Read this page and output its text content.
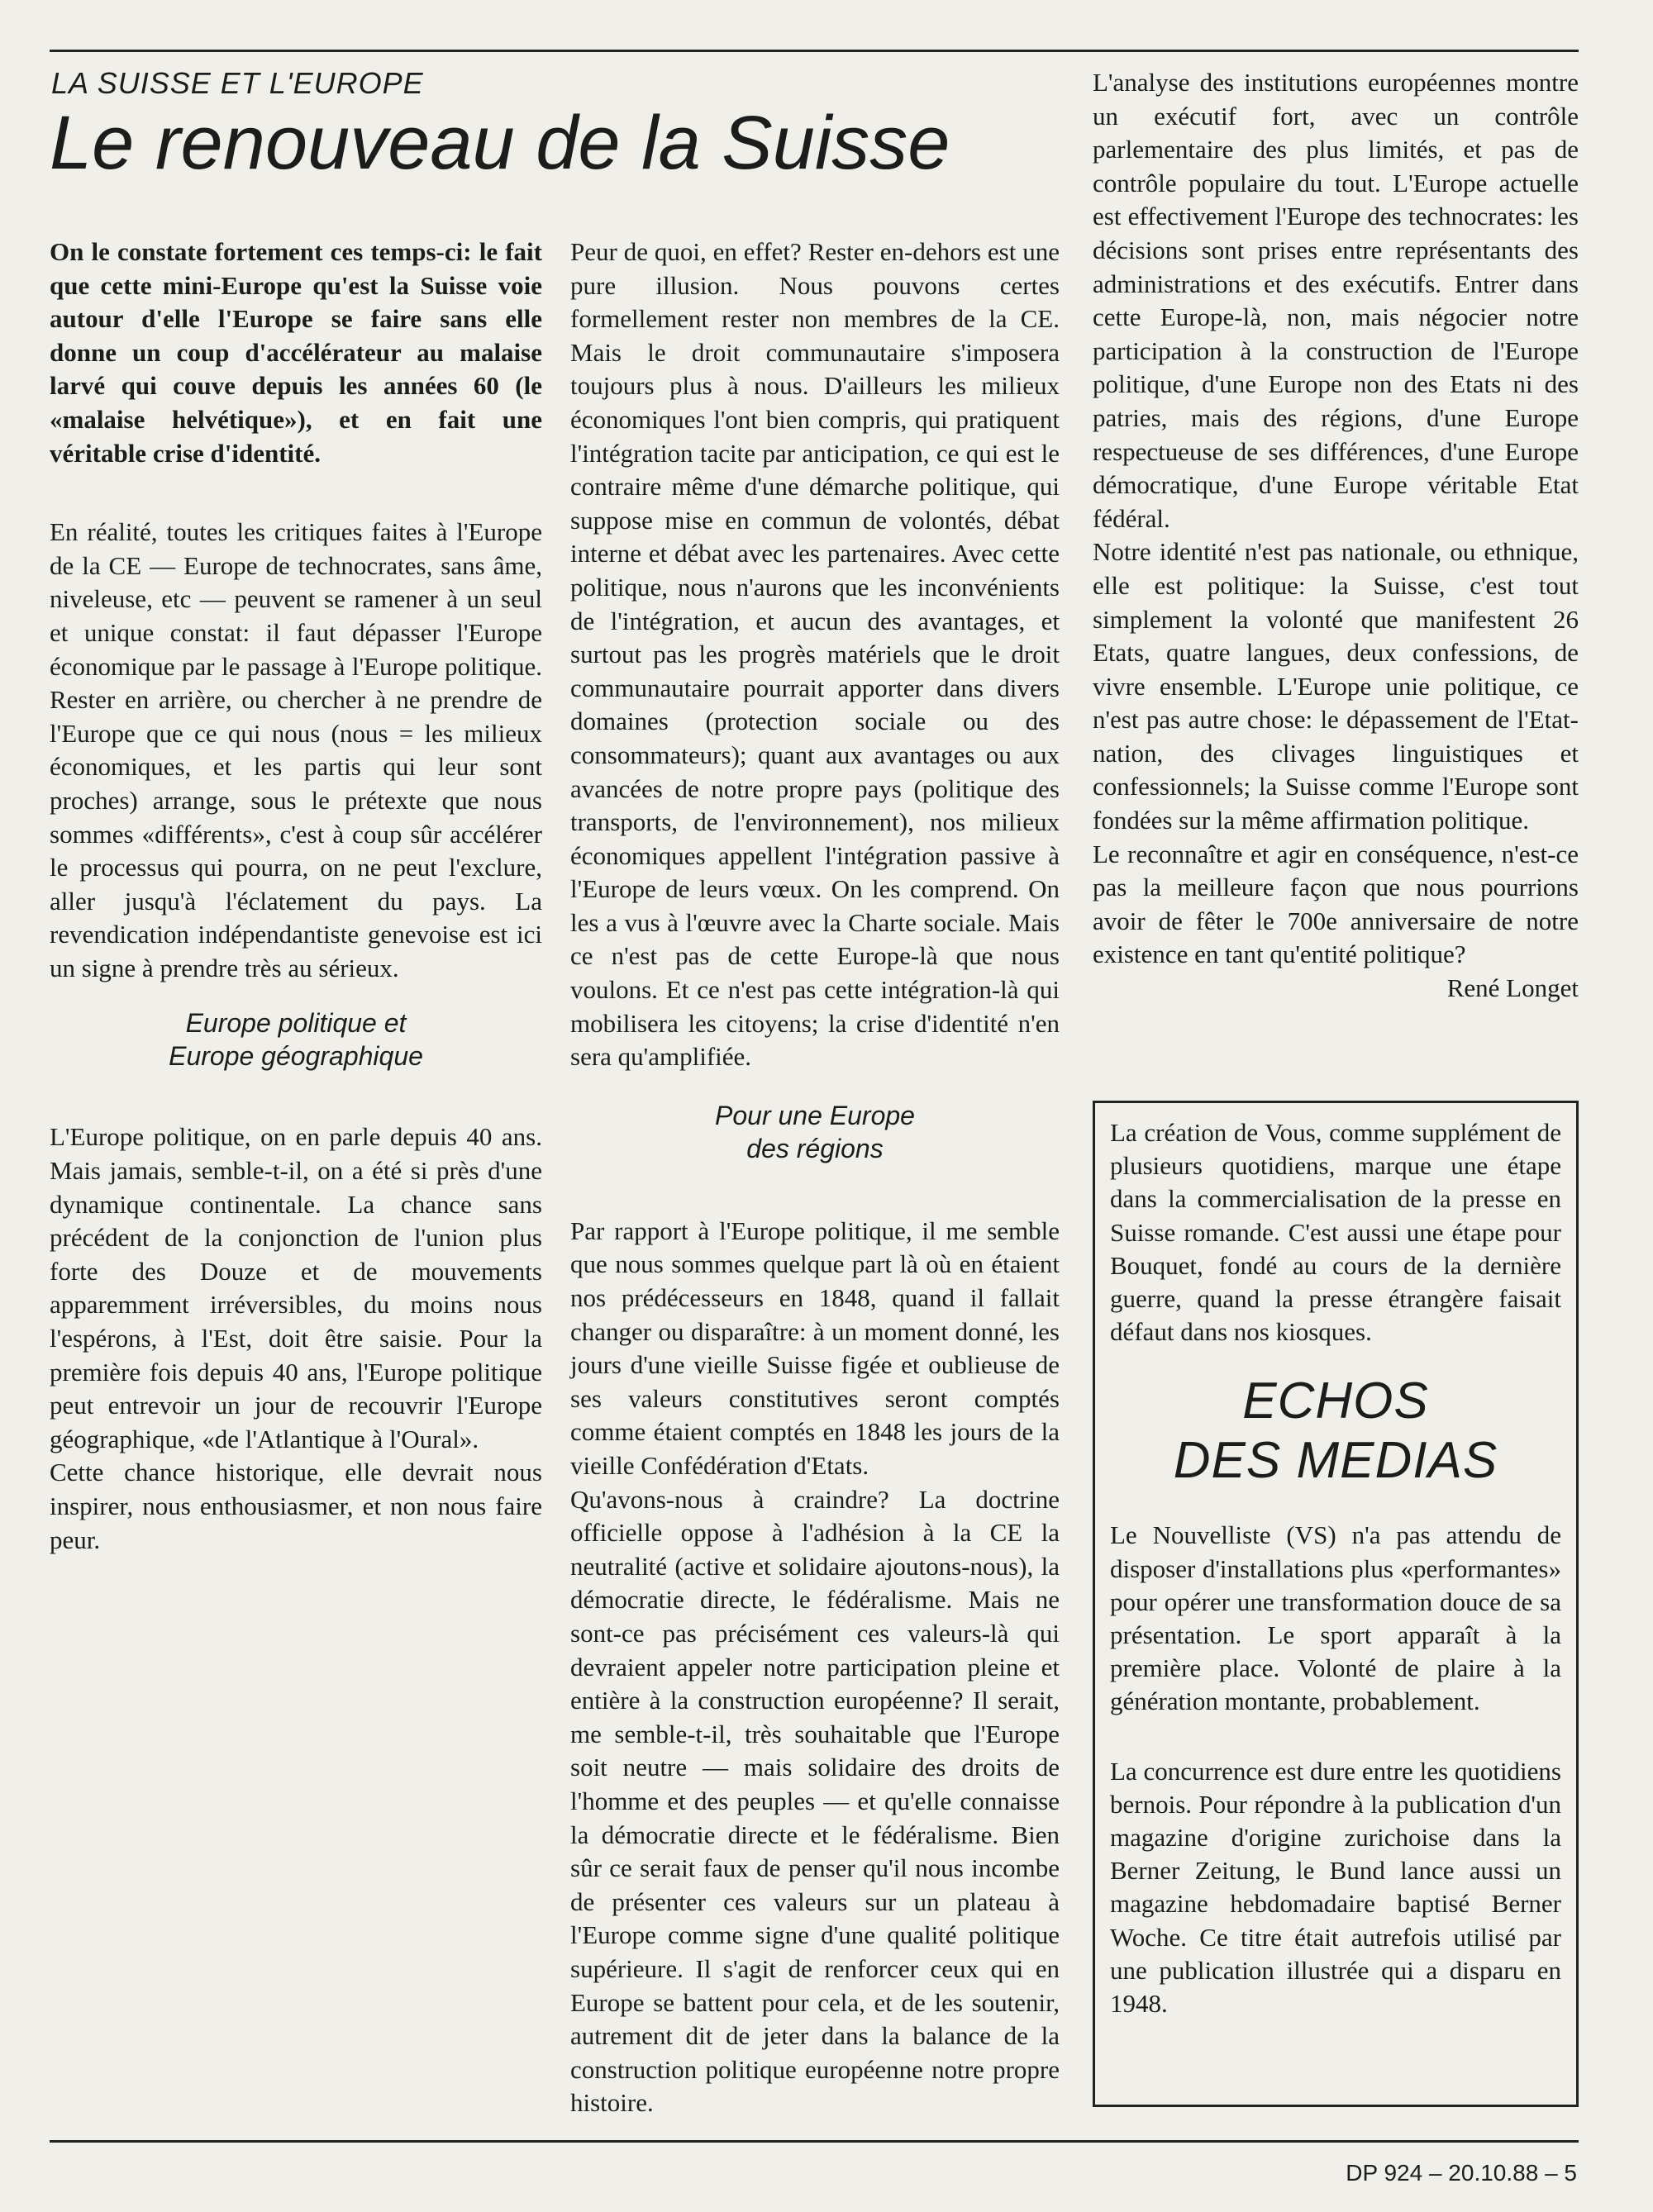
LA SUISSE ET L'EUROPE
Le renouveau de la Suisse

On le constate fortement ces temps-ci: le fait que cette mini-Europe qu'est la Suisse voie autour d'elle l'Europe se faire sans elle donne un coup d'accélérateur au malaise larvé qui couve depuis les années 60 (le «malaise helvétique»), et en fait une véritable crise d'identité.

En réalité, toutes les critiques faites à l'Europe de la CE — Europe de technocrates, sans âme, niveleuse, etc — peuvent se ramener à un seul et unique constat: il faut dépasser l'Europe économique par le passage à l'Europe politique. Rester en arrière, ou chercher à ne prendre de l'Europe que ce qui nous (nous = les milieux économiques, et les partis qui leur sont proches) arrange, sous le prétexte que nous sommes «différents», c'est à coup sûr accélérer le processus qui pourra, on ne peut l'exclure, aller jusqu'à l'éclatement du pays. La revendication indépendantiste genevoise est ici un signe à prendre très au sérieux.

Europe politique et
Europe géographique

L'Europe politique, on en parle depuis 40 ans. Mais jamais, semble-t-il, on a été si près d'une dynamique continentale. La chance sans précédent de la conjonction de l'union plus forte des Douze et de mouvements apparemment irréversibles, du moins nous l'espérons, à l'Est, doit être saisie. Pour la première fois depuis 40 ans, l'Europe politique peut entrevoir un jour de recouvrir l'Europe géographique, «de l'Atlantique à l'Oural».

Cette chance historique, elle devrait nous inspirer, nous enthousiasmer, et non nous faire peur.

Peur de quoi, en effet? Rester en-dehors est une pure illusion. Nous pouvons certes formellement rester non membres de la CE. Mais le droit communautaire s'imposera toujours plus à nous. D'ailleurs les milieux économiques l'ont bien compris, qui pratiquent l'intégration tacite par anticipation, ce qui est le contraire même d'une démarche politique, qui suppose mise en commun de volontés, débat interne et débat avec les partenaires. Avec cette politique, nous n'aurons que les inconvénients de l'intégration, et aucun des avantages, et surtout pas les progrès matériels que le droit communautaire pourrait apporter dans divers domaines (protection sociale ou des consommateurs); quant aux avantages ou aux avancées de notre propre pays (politique des transports, de l'environnement), nos milieux économiques appellent l'intégration passive à l'Europe de leurs vœux. On les comprend. On les a vus à l'œuvre avec la Charte sociale. Mais ce n'est pas de cette Europe-là que nous voulons. Et ce n'est pas cette intégration-là qui mobilisera les citoyens; la crise d'identité n'en sera qu'amplifiée.

Pour une Europe
des régions

Par rapport à l'Europe politique, il me semble que nous sommes quelque part là où en étaient nos prédécesseurs en 1848, quand il fallait changer ou disparaître: à un moment donné, les jours d'une vieille Suisse figée et oublieuse de ses valeurs constitutives seront comptés comme étaient comptés en 1848 les jours de la vieille Confédération d'Etats.

Qu'avons-nous à craindre? La doctrine officielle oppose à l'adhésion à la CE la neutralité (active et solidaire ajoutons-nous), la démocratie directe, le fédéralisme. Mais ne sont-ce pas précisément ces valeurs-là qui devraient appeler notre participation pleine et entière à la construction européenne? Il serait, me semble-t-il, très souhaitable que l'Europe soit neutre — mais solidaire des droits de l'homme et des peuples — et qu'elle connaisse la démocratie directe et le fédéralisme. Bien sûr ce serait faux de penser qu'il nous incombe de présenter ces valeurs sur un plateau à l'Europe comme signe d'une qualité politique supérieure. Il s'agit de renforcer ceux qui en Europe se battent pour cela, et de les soutenir, autrement dit de jeter dans la balance de la construction politique européenne notre propre histoire.

L'analyse des institutions européennes montre un exécutif fort, avec un contrôle parlementaire des plus limités, et pas de contrôle populaire du tout. L'Europe actuelle est effectivement l'Europe des technocrates: les décisions sont prises entre représentants des administrations et des exécutifs. Entrer dans cette Europe-là, non, mais négocier notre participation à la construction de l'Europe politique, d'une Europe non des Etats ni des patries, mais des régions, d'une Europe respectueuse de ses différences, d'une Europe démocratique, d'une Europe véritable Etat fédéral.

Notre identité n'est pas nationale, ou ethnique, elle est politique: la Suisse, c'est tout simplement la volonté que manifestent 26 Etats, quatre langues, deux confessions, de vivre ensemble. L'Europe unie politique, ce n'est pas autre chose: le dépassement de l'Etat-nation, des clivages linguistiques et confessionnels; la Suisse comme l'Europe sont fondées sur la même affirmation politique.

Le reconnaître et agir en conséquence, n'est-ce pas la meilleure façon que nous pourrions avoir de fêter le 700e anniversaire de notre existence en tant qu'entité politique?

René Longet

La création de Vous, comme supplément de plusieurs quotidiens, marque une étape dans la commercialisation de la presse en Suisse romande. C'est aussi une étape pour Bouquet, fondé au cours de la dernière guerre, quand la presse étrangère faisait défaut dans nos kiosques.

ECHOS
DES MEDIAS

Le Nouvelliste (VS) n'a pas attendu de disposer d'installations plus «performantes» pour opérer une transformation douce de sa présentation. Le sport apparaît à la première place. Volonté de plaire à la génération montante, probablement.

La concurrence est dure entre les quotidiens bernois. Pour répondre à la publication d'un magazine d'origine zurichoise dans la Berner Zeitung, le Bund lance aussi un magazine hebdomadaire baptisé Berner Woche. Ce titre était autrefois utilisé par une publication illustrée qui a disparu en 1948.

DP 924 – 20.10.88 – 5
